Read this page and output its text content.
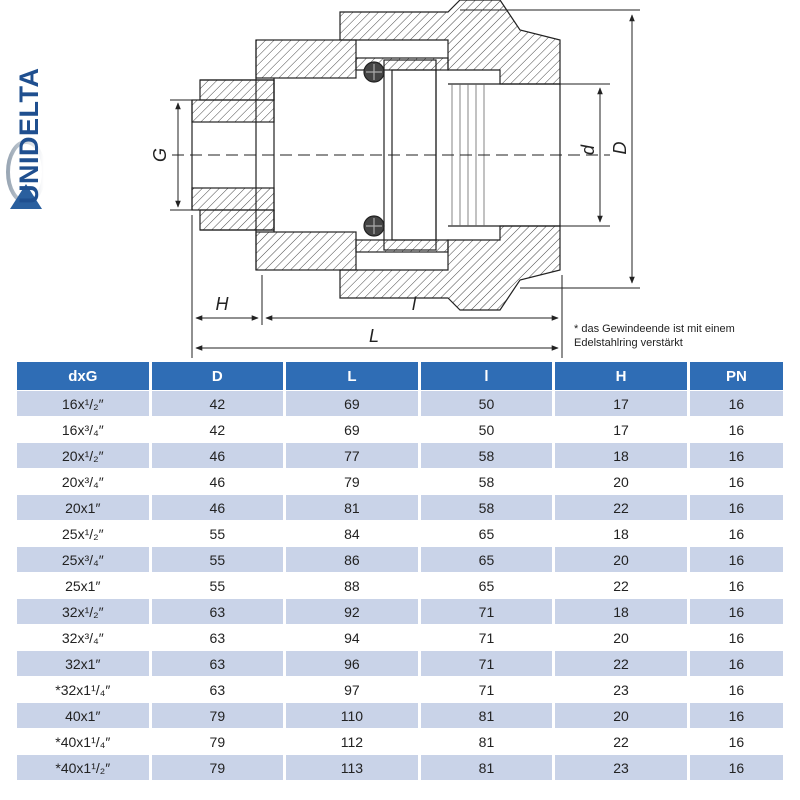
UNIDELTA	G	d D
H	l
L	* das Gewindeende ist mit einem
Edelstahlring verstärkt
dxG	D	L	l	H	PN
16x¹/₂″	42	69	50	17	16
16x³/₄″	42	69	50	17	16
20x¹/₂″	46	77	58	18	16
20x³/₄″	46	79	58	20	16
20x1″	46	81	58	22	16
25x¹/₂″	55	84	65	18	16
25x³/₄″	55	86	65	20	16
25x1″	55	88	65	22	16
32x¹/₂″	63	92	71	18	16
32x³/₄″	63	94	71	20	16
32x1″	63	96	71	22	16
*32x1¹/₄″	63	97	71	23	16
40x1″	79	110	81	20	16
*40x1¹/₄″	79	112	81	22	16
*40x1¹/₂″	79	113	81	23	16
